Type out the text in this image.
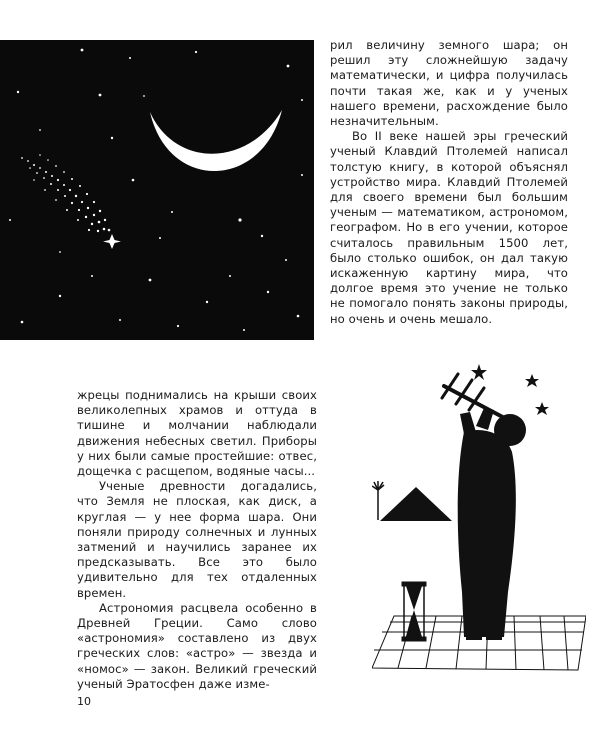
рил величину земного шара; он решил эту сложнейшую задачу математически, и цифра получилась почти такая же, как и у ученых нашего времени, расхождение было незначительным.

Во II веке нашей эры греческий ученый Клавдий Птолемей написал толстую книгу, в которой объяснял устройство мира. Клавдий Птолемей для своего времени был большим ученым — математиком, астрономом, географом. Но в его учении, которое считалось правильным 1500 лет, было столько ошибок, он дал такую искаженную картину мира, что долгое время это учение не только не помогало понять законы природы, но очень и очень мешало.

жрецы поднимались на крыши своих великолепных храмов и оттуда в тишине и молчании наблюдали движения небесных светил. Приборы у них были самые простейшие: отвес, дощечка с расщепом, водяные часы...

Ученые древности догадались, что Земля не плоская, как диск, а круглая — у нее форма шара. Они поняли природу солнечных и лунных затмений и научились заранее их предсказывать. Все это было удивительно для тех отдаленных времен.

Астрономия расцвела особенно в Древней Греции. Само слово «астрономия» составлено из двух греческих слов: «астро» — звезда и «номос» — закон. Великий греческий ученый Эратосфен даже изме-

10
